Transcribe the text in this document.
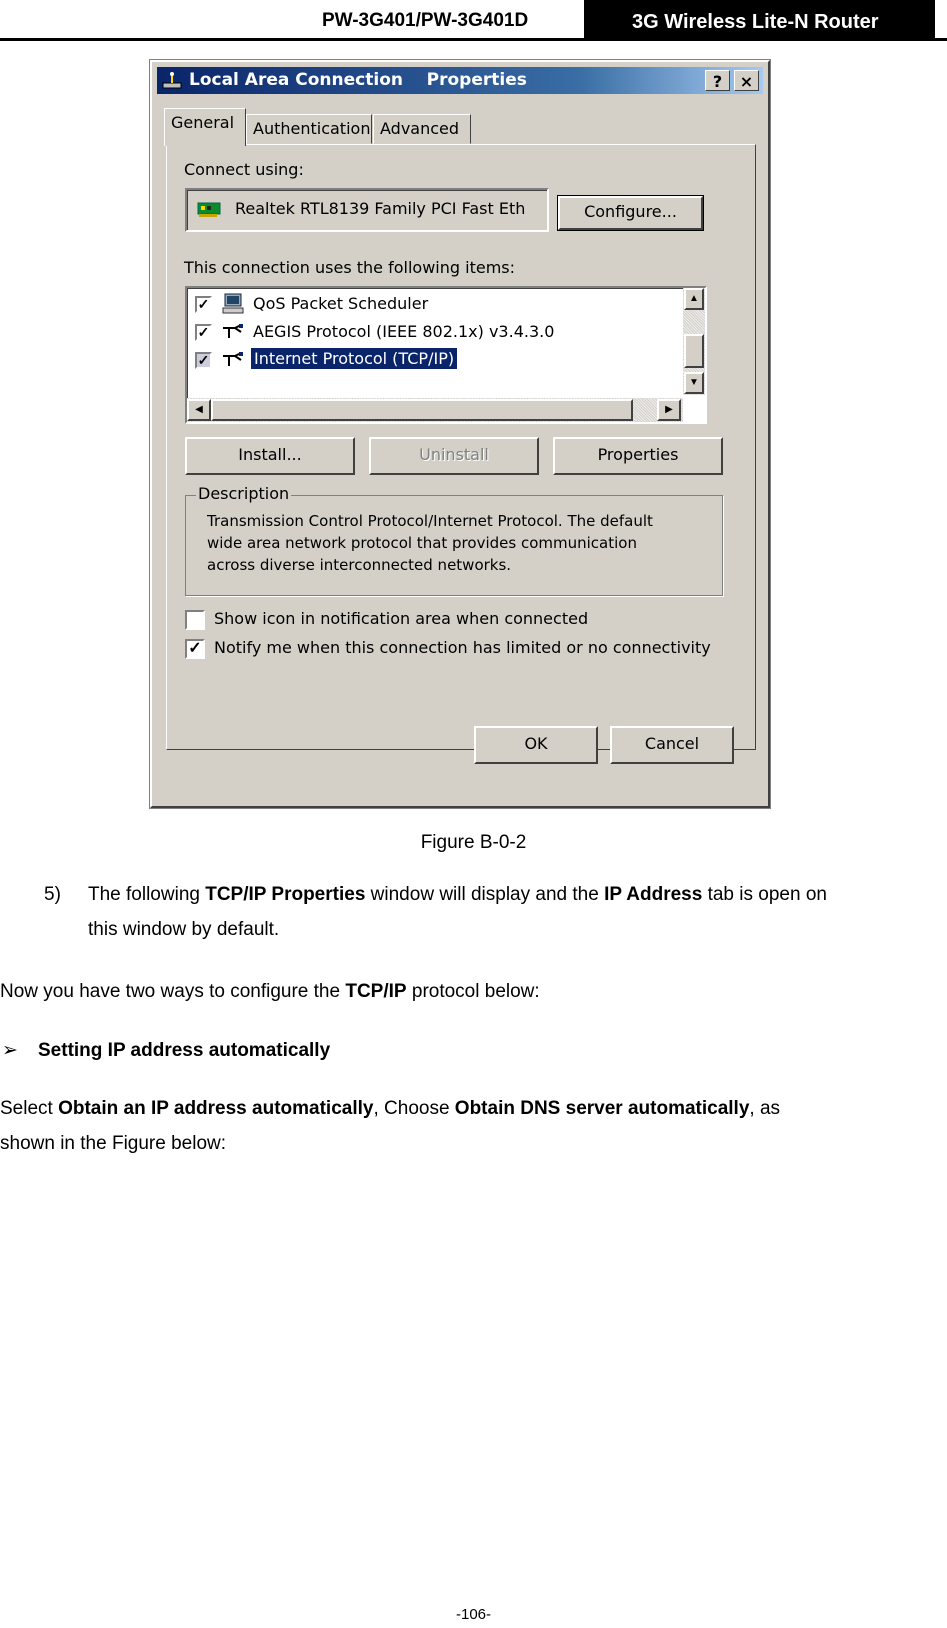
PW-3G401/PW-3G401D	3G Wireless Lite-N Router
Local Area Connection    Properties	?	×
General	Authentication Advanced
Connect using:
Realtek RTL8139 Family PCI Fast Eth	Configure...
This connection uses the following items:
✓	QoS Packet Scheduler
✓	AEGIS Protocol (IEEE 802.1x) v3.4.3.0
✓	Internet Protocol (TCP/IP)
▲
▼
◀	▶
Install...	Uninstall	Properties
Description
Transmission Control Protocol/Internet Protocol. The default
wide area network protocol that provides communication
across diverse interconnected networks.
Show icon in notification area when connected
✓ Notify me when this connection has limited or no connectivity
OK	Cancel
Figure B-0-2
5) The following TCP/IP Properties window will display and the IP Address tab is open on
this window by default.
Now you have two ways to configure the TCP/IP protocol below:
➢ Setting IP address automatically
Select Obtain an IP address automatically, Choose Obtain DNS server automatically, as
shown in the Figure below:
-106-
